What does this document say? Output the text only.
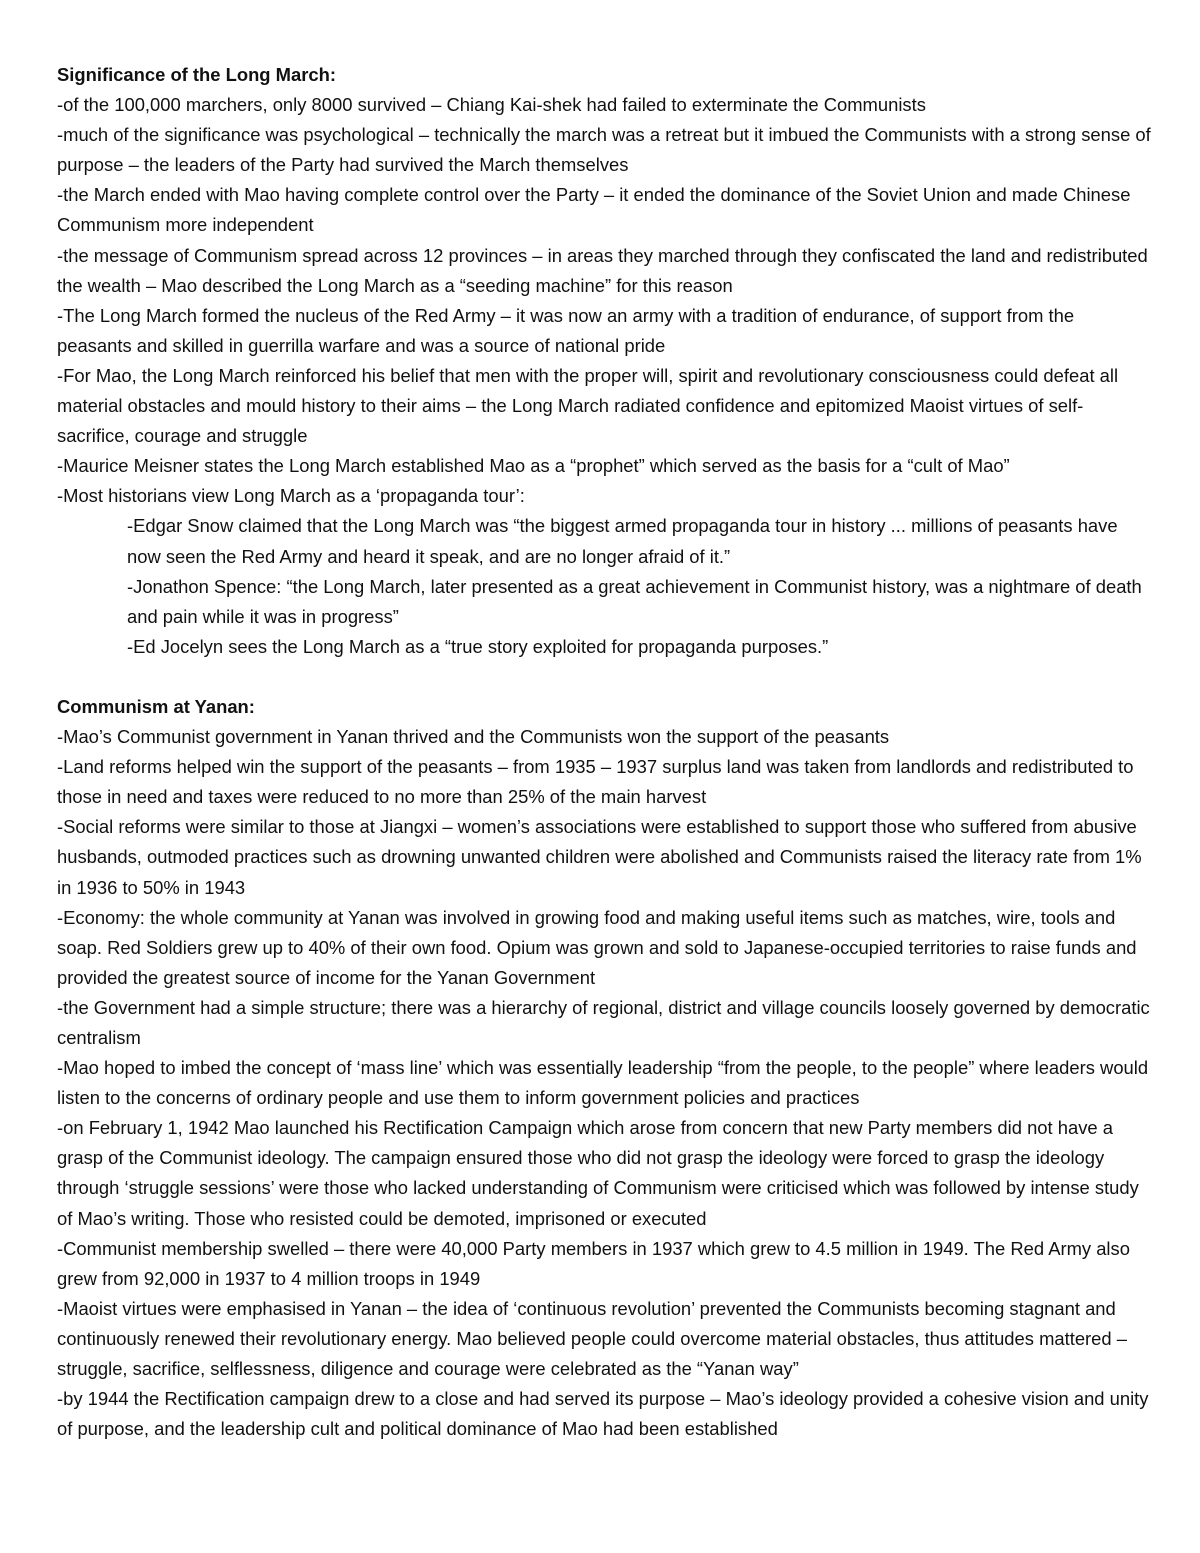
Significance of the Long March:

-of the 100,000 marchers, only 8000 survived – Chiang Kai-shek had failed to exterminate the Communists

-much of the significance was psychological – technically the march was a retreat but it imbued the Communists with a strong sense of purpose – the leaders of the Party had survived the March themselves

-the March ended with Mao having complete control over the Party – it ended the dominance of the Soviet Union and made Chinese Communism more independent

-the message of Communism spread across 12 provinces – in areas they marched through they confiscated the land and redistributed the wealth – Mao described the Long March as a “seeding machine” for this reason

-The Long March formed the nucleus of the Red Army – it was now an army with a tradition of endurance, of support from the peasants and skilled in guerrilla warfare and was a source of national pride

-For Mao, the Long March reinforced his belief that men with the proper will, spirit and revolutionary consciousness could defeat all material obstacles and mould history to their aims – the Long March radiated confidence and epitomized Maoist virtues of self-sacrifice, courage and struggle

-Maurice Meisner states the Long March established Mao as a “prophet” which served as the basis for a “cult of Mao”

-Most historians view Long March as a ‘propaganda tour’:

-Edgar Snow claimed that the Long March was “the biggest armed propaganda tour in history ... millions of peasants have now seen the Red Army and heard it speak, and are no longer afraid of it.”

-Jonathon Spence: “the Long March, later presented as a great achievement in Communist history, was a nightmare of death and pain while it was in progress”

-Ed Jocelyn sees the Long March as a “true story exploited for propaganda purposes.”

Communism at Yanan:

-Mao’s Communist government in Yanan thrived and the Communists won the support of the peasants

-Land reforms helped win the support of the peasants – from 1935 – 1937 surplus land was taken from landlords and redistributed to those in need and taxes were reduced to no more than 25% of the main harvest

-Social reforms were similar to those at Jiangxi – women’s associations were established to support those who suffered from abusive husbands, outmoded practices such as drowning unwanted children were abolished and Communists raised the literacy rate from 1% in 1936 to 50% in 1943

-Economy: the whole community at Yanan was involved in growing food and making useful items such as matches, wire, tools and soap. Red Soldiers grew up to 40% of their own food. Opium was grown and sold to Japanese-occupied territories to raise funds and provided the greatest source of income for the Yanan Government

-the Government had a simple structure; there was a hierarchy of regional, district and village councils loosely governed by democratic centralism

-Mao hoped to imbed the concept of ‘mass line’ which was essentially leadership “from the people, to the people” where leaders would listen to the concerns of ordinary people and use them to inform government policies and practices

-on February 1, 1942 Mao launched his Rectification Campaign which arose from concern that new Party members did not have a grasp of the Communist ideology. The campaign ensured those who did not grasp the ideology were forced to grasp the ideology through ‘struggle sessions’ were those who lacked understanding of Communism were criticised which was followed by intense study of Mao’s writing. Those who resisted could be demoted, imprisoned or executed

-Communist membership swelled – there were 40,000 Party members in 1937 which grew to 4.5 million in 1949. The Red Army also grew from 92,000 in 1937 to 4 million troops in 1949

-Maoist virtues were emphasised in Yanan – the idea of ‘continuous revolution’ prevented the Communists becoming stagnant and continuously renewed their revolutionary energy. Mao believed people could overcome material obstacles, thus attitudes mattered – struggle, sacrifice, selflessness, diligence and courage were celebrated as the “Yanan way”

-by 1944 the Rectification campaign drew to a close and had served its purpose – Mao’s ideology provided a cohesive vision and unity of purpose, and the leadership cult and political dominance of Mao had been established
